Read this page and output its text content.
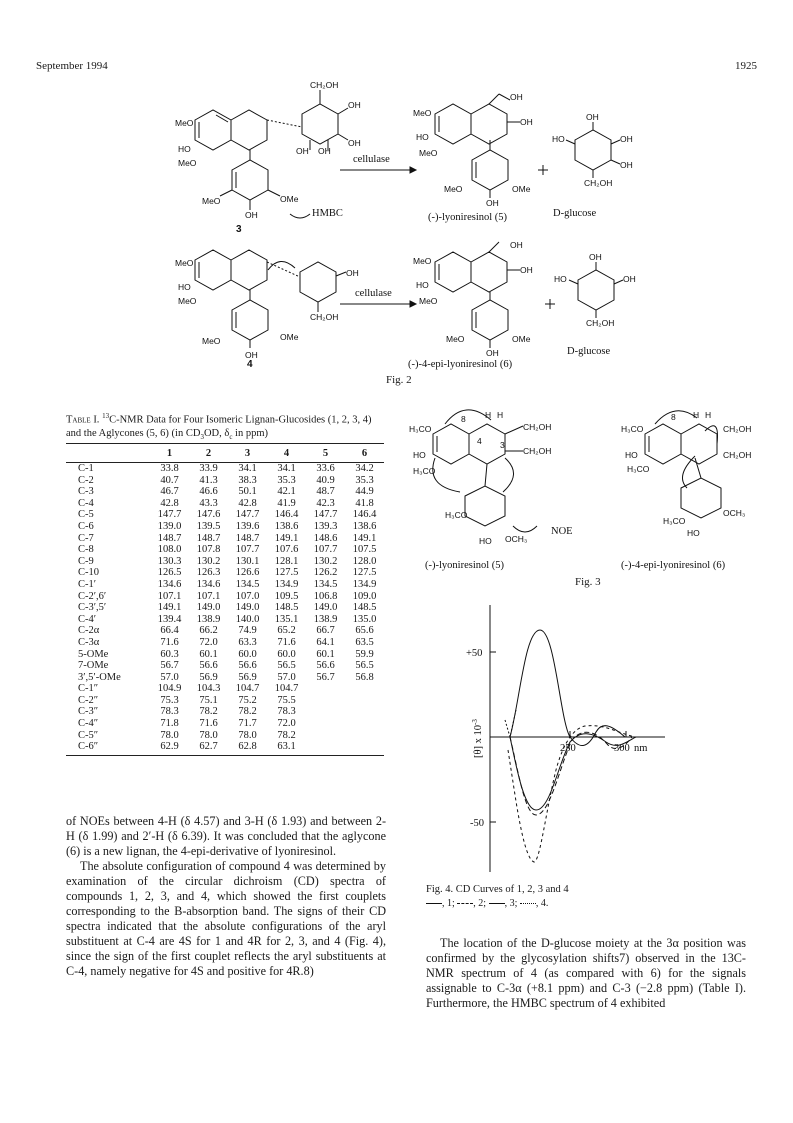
September 1994	1925
CH₂OH
MeO
HO
MeO
MeO	OMe
OH
OH
OH
OH
OH
MeO
HO
MeO
MeO	OMe
OH
OH
OH	OH
HO	OH
OH
CH₂OH
MeO
HO
MeO
MeO	OMe
OH
CH₂OH
OH
MeO
HO
MeO
MeO	OMe
OH
OH
OH
OH
HO	OH
CH₂OH
cellulase
cellulase
HMBC
3
4
(-)-lyoniresinol (5)
(-)-4-epi-lyoniresinol (6)
D-glucose
D-glucose
Fig. 2
Table I. $^{13}$C-NMR Data for Four Isomeric Lignan-Glucosides (1, 2, 3, 4) and the Aglycones (5, 6) (in $CD_3OD$, $\delta_c$ in ppm)
	1	2	3	4	5	6
C-1	33.8	33.9	34.1	34.1	33.6	34.2
C-2	40.7	41.3	38.3	35.3	40.9	35.3
C-3	46.7	46.6	50.1	42.1	48.7	44.9
C-4	42.8	43.3	42.8	41.9	42.3	41.8
C-5	147.7	147.6	147.7	146.4	147.7	146.4
C-6	139.0	139.5	139.6	138.6	139.3	138.6
C-7	148.7	148.7	148.7	149.1	148.6	149.1
C-8	108.0	107.8	107.7	107.6	107.7	107.5
C-9	130.3	130.2	130.1	128.1	130.2	128.0
C-10	126.5	126.3	126.6	127.5	126.2	127.5
C-1′	134.6	134.6	134.5	134.9	134.5	134.9
C-2′,6′	107.1	107.1	107.0	109.5	106.8	109.0
C-3′,5′	149.1	149.0	149.0	148.5	149.0	148.5
C-4′	139.4	138.9	140.0	135.1	138.9	135.0
C-2α	66.4	66.2	74.9	65.2	66.7	65.6
C-3α	71.6	72.0	63.3	71.6	64.1	63.5
5-OMe	60.3	60.1	60.0	60.0	60.1	59.9
7-OMe	56.7	56.6	56.6	56.5	56.6	56.5
3′,5′-OMe	57.0	56.9	56.9	57.0	56.7	56.8
C-1″	104.9	104.3	104.7	104.7		
C-2″	75.3	75.1	75.2	75.5		
C-3″	78.3	78.2	78.2	78.3		
C-4″	71.8	71.6	71.7	72.0		
C-5″	78.0	78.0	78.0	78.2		
C-6″	62.9	62.7	62.8	63.1		
H₃CO
HO
H₃CO
H₃CO
HO OCH₃
8 H H
CH₂OH
CH₂OH
4 3
H₃CO
HO
H₃CO
H₃CO
HO
OCH₃
CH₂OH
CH₂OH
8 H H
NOE
(-)-lyoniresinol (5)	(-)-4-epi-lyoniresinol (6)
Fig. 3
+50
-50
250	300 nm
[θ] x $10^{-3}$
Fig. 4. CD Curves of 1, 2, 3 and 4
, 1; , 2; , 3; , 4.

of NOEs between 4-H (δ 4.57) and 3-H (δ 1.93) and between 2-H (δ 1.99) and 2′-H (δ 6.39). It was concluded that the aglycone (6) is a new lignan, the 4-epi-derivative of lyoniresinol.

The absolute configuration of compound 4 was determined by examination of the circular dichroism (CD) spectra of compounds 1, 2, 3, and 4, which showed the first couplets corresponding to the B-absorption band. The signs of their CD spectra indicated that the absolute configurations of the aryl substituent at C-4 are 4S for 1 and 4R for 2, 3, and 4 (Fig. 4), since the sign of the first couplet reflects the aryl substituents at C-4, namely negative for 4S and positive for 4R.8)

The location of the D-glucose moiety at the 3α position was confirmed by the glycosylation shifts7) observed in the 13C-NMR spectrum of 4 (as compared with 6) for the signals assignable to C-3α (+8.1 ppm) and C-3 (−2.8 ppm) (Table I). Furthermore, the HMBC spectrum of 4 exhibited
